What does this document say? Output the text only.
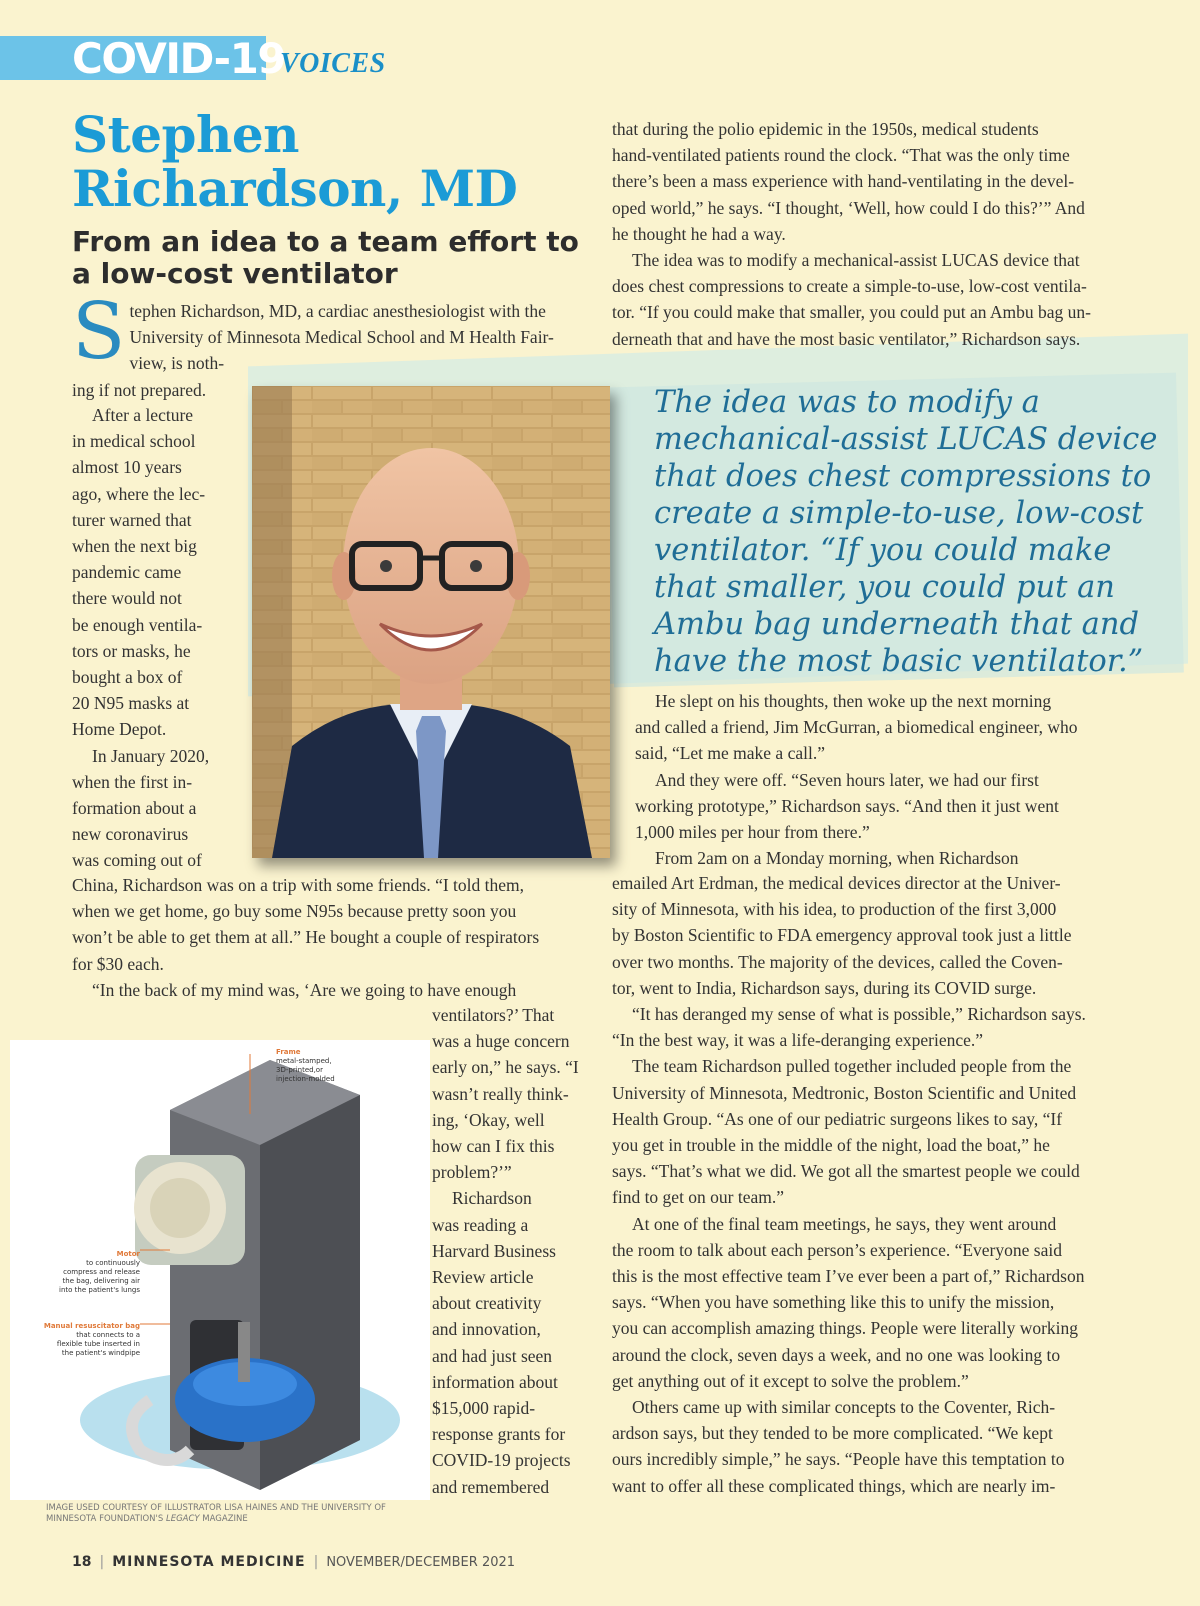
COVID-19
VOICES
Stephen Richardson, MD
From an idea to a team effort to a low-cost ventilator
S tephen Richardson, MD, a cardiac anesthesiologist with the
University of Minnesota Medical School and M Health Fair-
view, is noth-
ing if not prepared.
After a lecture
in medical school
almost 10 years
ago, where the lec-
turer warned that
when the next big
pandemic came
there would not
be enough ventila-
tors or masks, he
bought a box of
20 N95 masks at
Home Depot.
In January 2020,
when the first in-
formation about a
new coronavirus
was coming out of
China, Richardson was on a trip with some friends. “I told them,
when we get home, go buy some N95s because pretty soon you
won’t be able to get them at all.” He bought a couple of respirators
for $30 each.

“In the back of my mind was, ‘Are we going to have enough

ventilators?’ That
was a huge concern
early on,” he says. “I
wasn’t really think-
ing, ‘Okay, well
how can I fix this
problem?’”
Richardson
was reading a
Harvard Business
Review article
about creativity
and innovation,
and had just seen
information about
$15,000 rapid-
response grants for
COVID-19 projects
and remembered
Frame
metal-stamped,
3D-printed,or
injection-molded
Motor
to continuously
compress and release
the bag, delivering air
into the patient's lungs
Manual resuscitator bag
that connects to a
flexible tube inserted in
the patient's windpipe
IMAGE USED COURTESY OF ILLUSTRATOR LISA HAINES AND THE UNIVERSITY OF
MINNESOTA FOUNDATION'S LEGACY MAGAZINE
that during the polio epidemic in the 1950s, medical students
hand-ventilated patients round the clock. “That was the only time
there’s been a mass experience with hand-ventilating in the devel-
oped world,” he says. “I thought, ‘Well, how could I do this?’” And
he thought he had a way.
The idea was to modify a mechanical-assist LUCAS device that
does chest compressions to create a simple-to-use, low-cost ventila-
tor. “If you could make that smaller, you could put an Ambu bag un-
derneath that and have the most basic ventilator,” Richardson says.
The idea was to modify a mechanical-assist LUCAS device that does chest compressions to create a simple-to-use, low-cost ventilator. “If you could make that smaller, you could put an Ambu bag underneath that and have the most basic ventilator.”
He slept on his thoughts, then woke up the next morning
and called a friend, Jim McGurran, a biomedical engineer, who
said, “Let me make a call.”
And they were off. “Seven hours later, we had our first
working prototype,” Richardson says. “And then it just went
1,000 miles per hour from there.”
From 2am on a Monday morning, when Richardson
emailed Art Erdman, the medical devices director at the Univer-
sity of Minnesota, with his idea, to production of the first 3,000
by Boston Scientific to FDA emergency approval took just a little
over two months. The majority of the devices, called the Coven-
tor, went to India, Richardson says, during its COVID surge.
“It has deranged my sense of what is possible,” Richardson says.
“In the best way, it was a life-deranging experience.”
The team Richardson pulled together included people from the
University of Minnesota, Medtronic, Boston Scientific and United
Health Group. “As one of our pediatric surgeons likes to say, “If
you get in trouble in the middle of the night, load the boat,” he
says. “That’s what we did. We got all the smartest people we could
find to get on our team.”
At one of the final team meetings, he says, they went around
the room to talk about each person’s experience. “Everyone said
this is the most effective team I’ve ever been a part of,” Richardson
says. “When you have something like this to unify the mission,
you can accomplish amazing things. People were literally working
around the clock, seven days a week, and no one was looking to
get anything out of it except to solve the problem.”
Others came up with similar concepts to the Coventer, Rich-
ardson says, but they tended to be more complicated. “We kept
ours incredibly simple,” he says. “People have this temptation to
want to offer all these complicated things, which are nearly im-
18 | MINNESOTA MEDICINE | NOVEMBER/DECEMBER 2021
